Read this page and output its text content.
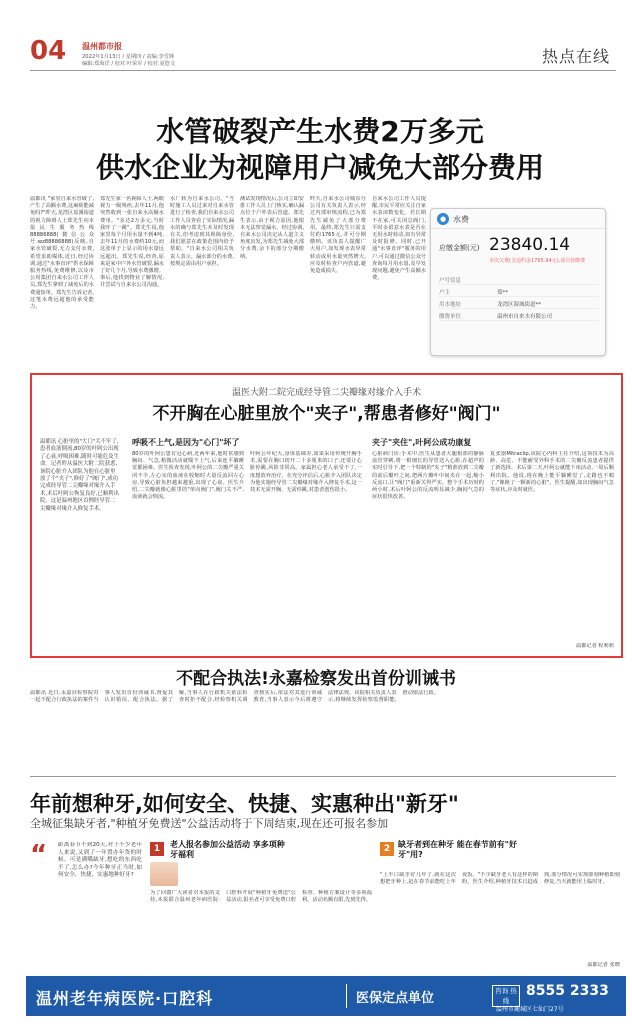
04 温州都市报
2022年1月13日 / 星期四 / 责编:李雪锋
编辑:郑海洋 / 校对:叶荣军 / 校对:夏悠文	热点在线
水管破裂产生水费2万多元
供水企业为视障用户减免大部分费用
温都讯 "家里自来水管破了,产生了高额水费,这麻烦能减免吗?"昨天,龙湾区瑶溪街道的视力障碍人士郑先生向本报民生服务热线88886888(微信公众号:wz88886888)反映,自家水管破裂,无力支付水费,希望求助媒体,近日,经过协调,通过"水事直评"供水保障服务热线,免费维修,以及市公用集团自来水公司工作人员,郑先生拿到了减免后的水费通知单。郑先生告诉记者,这笔水费远超他的承受能力。
郑先生家一名视障人士,两眼视力一级残疾,去年11月,他突然收到一张自来水高额水费单。"多达2万多元,当时我吓了一跳"。郑先生说,他家里每个月用水量不到4吨,去年11月的水费约10元,而这张单子上显示的用水量远远超出。郑先生说,经查,原来是家中户外水管破裂,漏水了好几个月,导致水费激增。事后,他找到物业了解情况,并尝试与自来水公司沟通。
水厂转为自来水公司。"当时施工人员过来对自来水管进行了检查,我们自来水公司工作人员查看了实际情况,漏水的确与郑先生未及时发现有关,但考虑到其视障身份,我们愿意在政策范围内给予帮助。"自来水公司相关负责人表示。漏水部分的水费,按规定需由用户承担。
测试发现情况后,公司立即安排工作人员上门核实,确认漏点位于户外表后管道。郑先生表示,由于视力原因,他根本无法察觉漏水。经过协调,自来水公司决定从人道主义角度出发,为郑先生减免大部分水费,余下的部分分期缴纳。
昨天,自来水公司城东分公司有关负责人表示,经过内部审核流程,已为郑先生减免了大部分费用。最终,郑先生只需支付约1765元,并可分期缴纳。该负责人提醒广大用户,如发现水表异常转动或用水量突然增大,应及时检查户内管道,避免造成损失。
自来水公司工作人员提醒,市民平常应关注自家水表读数变化。若长期不在家,可关闭总阀门,平时多留意水表是否在无用水时转动,如有异常及时报修。同时,已开通"水事直评"服务的用户,可以通过微信公众号查询每月用水量,及早发现问题,避免产生高额水费。
● 水费
应缴金额(元) 23840.14
本次欠费(含违约金1765.94元),请尽快缴费
户号信息
户主	郑**
用水地址	龙湾区海城街道**
缴费单位	温州市自来水有限公司
温医大附二院完成经导管二尖瓣缘对缘介入手术
不开胸在心脏里放个"夹子",帮患者修好"阀门"
温都讯 心脏里的"大门"关不牢了,患者血液倒流,80岁的叶阿公出现了心衰,呼吸困难,随时可能危及生命。记者昨从温医大附二院获悉,该院心脏介入团队为他在心脏里放了个"夹子",修好了"阀门",成功完成经导管二尖瓣缘对缘介入手术,术后叶阿公恢复良好,已顺利出院。这是温州地区首例经导管二尖瓣缘对缘介入修复手术。
呼吸不上气,是因为"心门"坏了
80岁的叶阿公患有冠心病,近两年来,他时常感到胸闷、气急,稍微活动就喘不上气,后来连平躺睡觉都困难。医生检查发现,叶阿公的二尖瓣严重关闭不全,左心室的血液在收缩时大量反流回左心房,导致心脏负担越来越重,出现了心衰。医生介绍,二尖瓣就像心脏里的"单向阀门",阀门关不严,血液就会倒流。
叶阿公年纪大,身体基础差,如果采用传统开胸手术,需要在胸口切开二十多厘米的口子,还要让心脏停跳,风险非常高。家属担心老人承受不了,一度想放弃治疗。在充分评估后,心脏介入团队决定为他实施经导管二尖瓣缘对缘介入修复手术,这一技术无需开胸、无需停跳,对患者创伤很小。
夹子"夹住",叶阿公成功康复
心脏病门诊:手术中,医生从患者大腿根部的静脉血管穿刺,将一根细长的导管送入心脏,在超声的实时引导下,把一个特制的"夹子"精准放到二尖瓣的前后瓣叶之间,把两片瓣叶中间夹在一起,缩小反流口,让"阀门"重新关得严实。整个手术历时约两小时,术后叶阿公的反流明显减少,胸闷气急的症状很快改善。
复张器Mitraclip,该院心内科主任介绍,这项技术为高龄、高危、不能耐受外科手术的二尖瓣反流患者提供了新选择。术后第二天,叶阿公就能下床活动,一周后顺利出院。他说,现在晚上能平躺睡觉了,走路也不喘了,"像换了一颗新的心脏"。医生提醒,如出现胸闷气急等症状,应及时就医。
温都记者 程莉莉
不配合执法!永嘉检察发出首份训诫书
温都讯 近日,永嘉县检察院对一起不配合行政执法的案件当事人发出首份训诫书,督促其认识错误、配合执法。据了解,当事人在行政机关依法检查时拒不配合,经检察机关调查核实后,依法对其进行训诫教育,当事人表示今后将遵守法律法规。该院相关负责人表示,将继续发挥检察监督职能,推动依法行政。
年前想种牙,如何安全、快捷、实惠种出"新牙"
全城征集缺牙者,"种植牙免费送"公益活动将于下周结束,现在还可报名参加
“ 距离春节不到20天,对于不少老年人来说,又到了一年置办年货的时候。可是满嘴缺牙,想吃的东西吃不了,怎么办?今年种牙正当时,如何安全、快捷、实惠地种好牙?
1	老人报名参加公益活动 享多项种牙福利
为了回馈广大读者对本报的支持,本报联合温州老年病医院·口腔科开展"种植牙免费送"公益活动,报名者可享受免费口腔检查、种植方案设计等多项福利。活动名额有限,先到先得。
2 缺牙者到在种牙 能在春节前有"好牙"用?
"上半口缺牙好几年了,就在这次想把牙种上,赶在春节前能吃上年夜饭。"不少缺牙老人有这样的期盼。医生介绍,种植牙技术日趋成熟,部分情况可实现即刻种植即刻修复,当天就能用上临时牙。
温都记者 张晓
温州老年病医院·口腔科	医保定点单位	咨询 热线
8555 2333
温州市鹿城区七仙门27号
